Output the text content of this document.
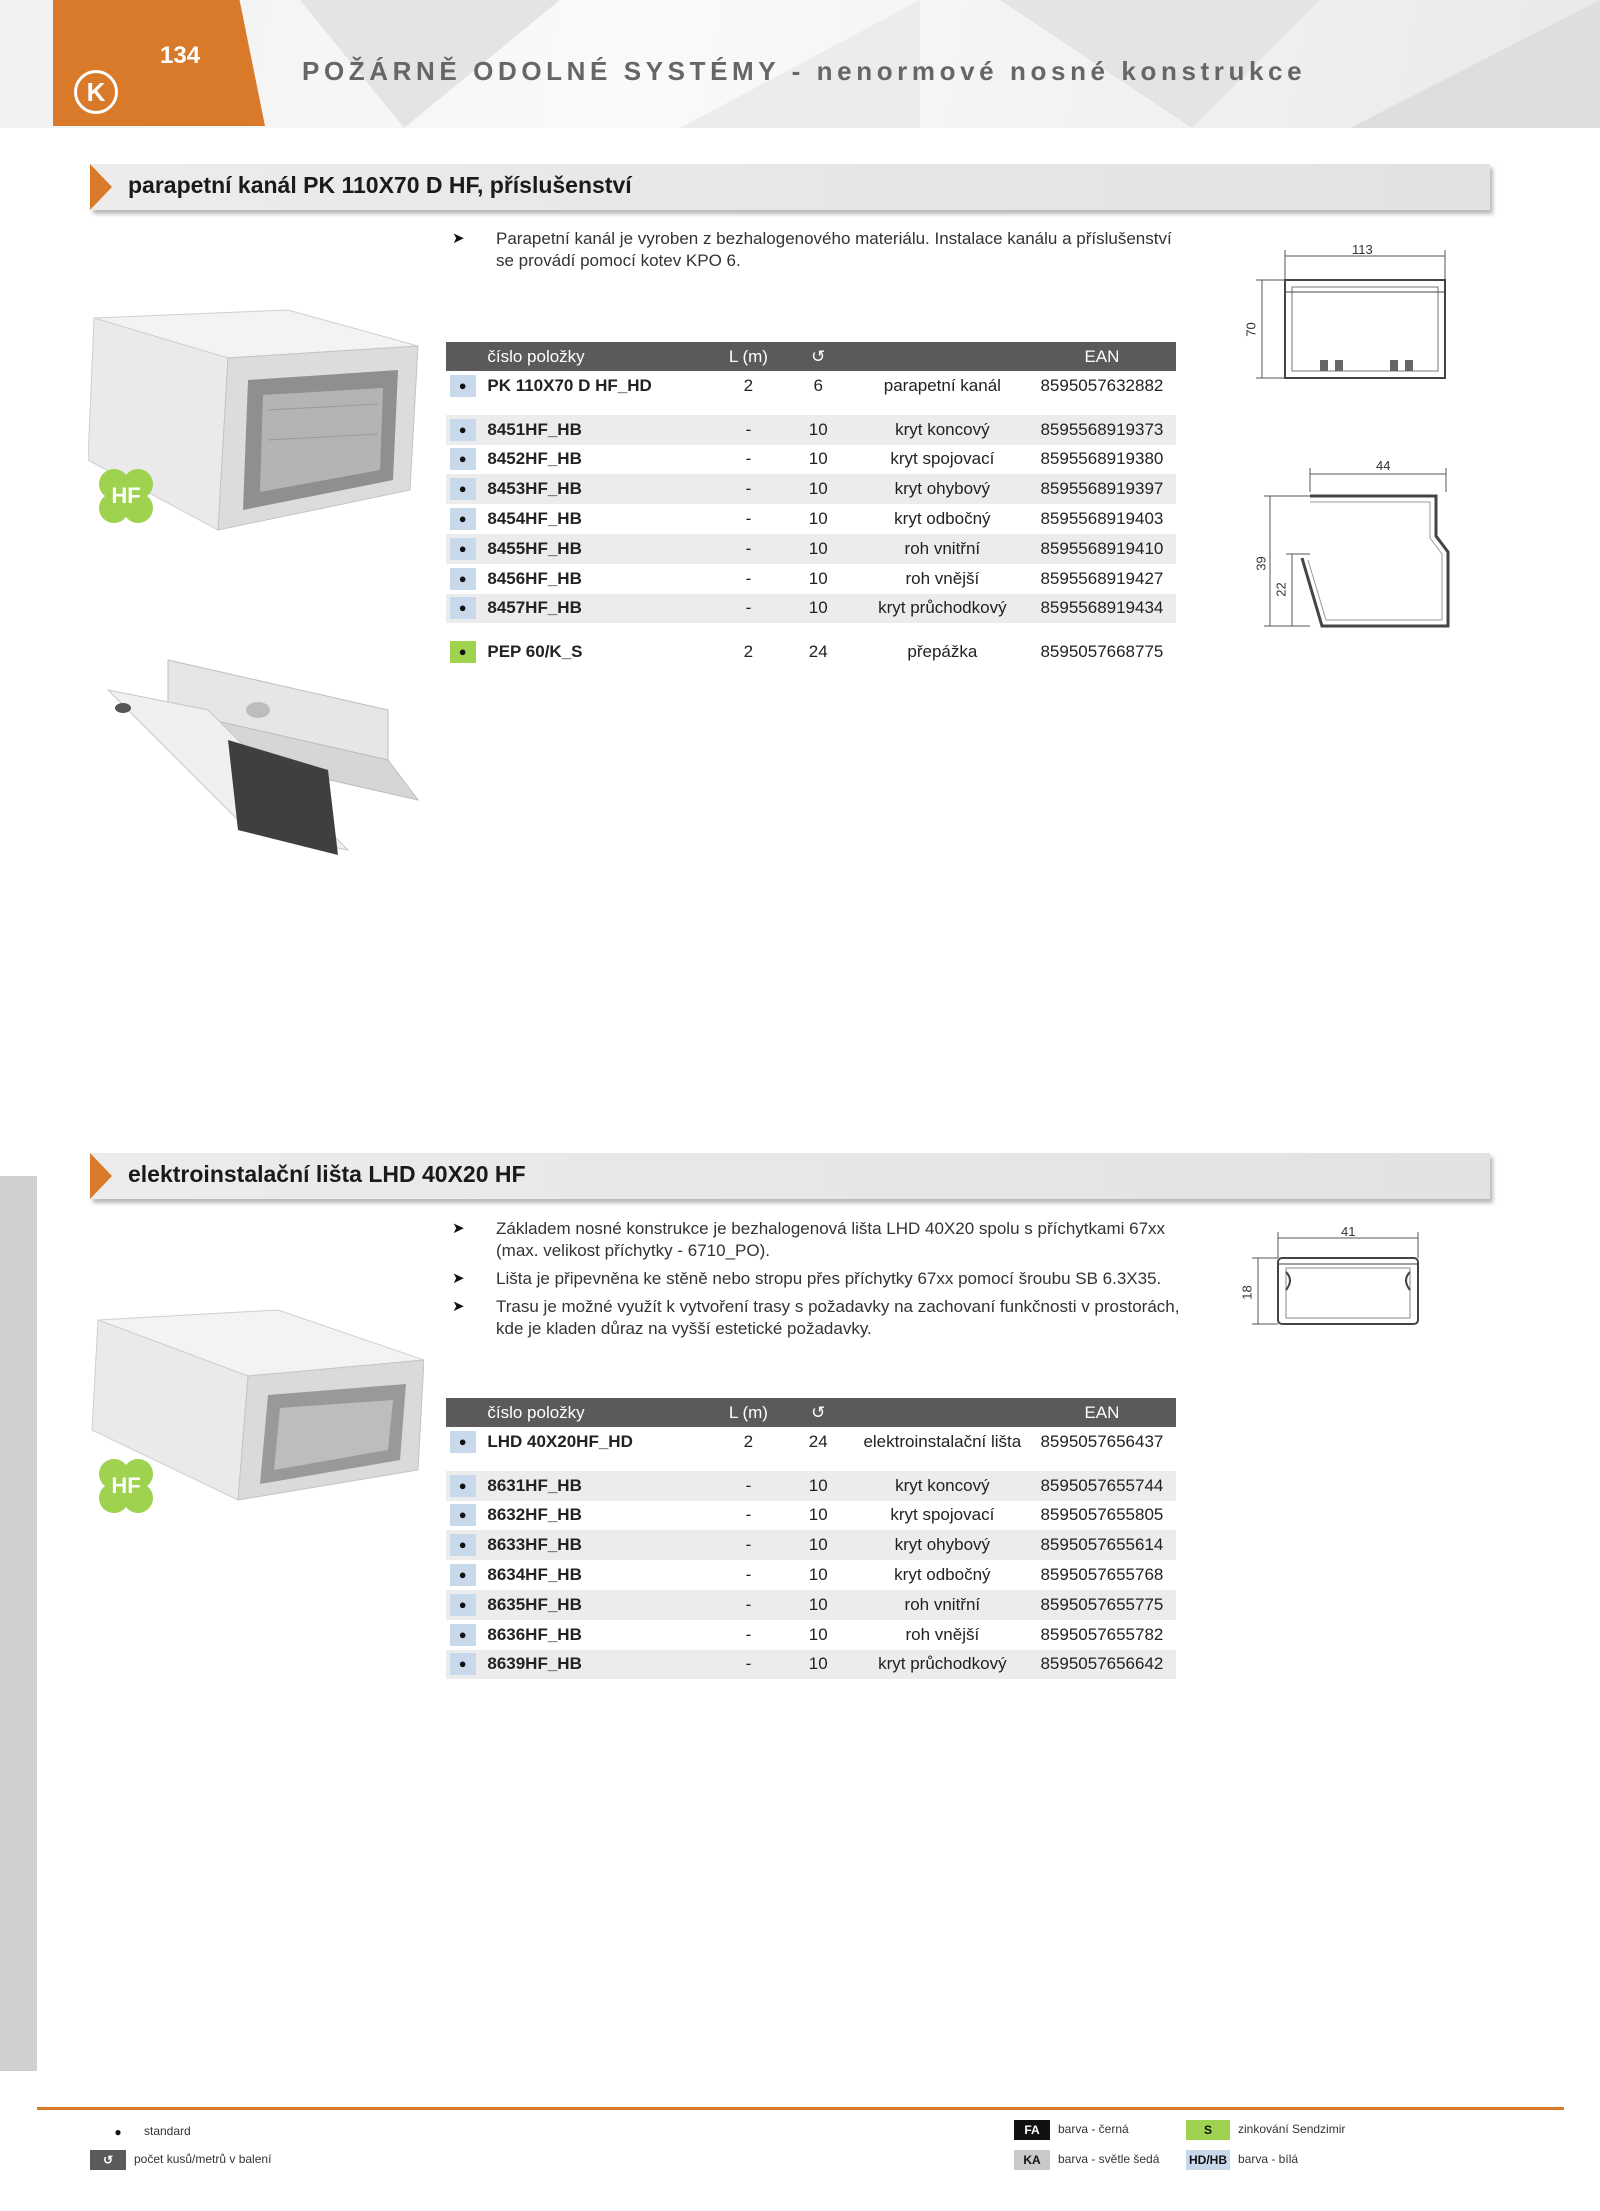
134
K
POŽÁRNĚ ODOLNÉ SYSTÉMY - nenormové nosné konstrukce
parapetní kanál PK 110X70 D HF, příslušenství
➤ Parapetní kanál je vyroben z bezhalogenového materiálu. Instalace kanálu a příslušenství se provádí pomocí kotev KPO 6.
HF
113
70
44
39
22
	číslo položky	L (m)	↺		EAN
●	PK 110X70 D HF_HD	2	6	parapetní kanál	8595057632882

●	8451HF_HB	-	10	kryt koncový	8595568919373
●	8452HF_HB	-	10	kryt spojovací	8595568919380
●	8453HF_HB	-	10	kryt ohybový	8595568919397
●	8454HF_HB	-	10	kryt odbočný	8595568919403
●	8455HF_HB	-	10	roh vnitřní	8595568919410
●	8456HF_HB	-	10	roh vnější	8595568919427
●	8457HF_HB	-	10	kryt průchodkový	8595568919434

●	PEP 60/K_S	2	24	přepážka	8595057668775
elektroinstalační lišta LHD 40X20 HF
➤ Základem nosné konstrukce je bezhalogenová lišta LHD 40X20 spolu s příchytkami 67xx (max. velikost příchytky - 6710_PO).
➤ Lišta je připevněna ke stěně nebo stropu přes příchytky 67xx pomocí šroubu SB 6.3X35.
➤ Trasu je možné využít k vytvoření trasy s požadavky na zachovaní funkčnosti v prostorách, kde je kladen důraz na vyšší estetické požadavky.
HF
41
18
	číslo položky	L (m)	↺		EAN
●	LHD 40X20HF_HD	2	24	elektroinstalační lišta	8595057656437

●	8631HF_HB	-	10	kryt koncový	8595057655744
●	8632HF_HB	-	10	kryt spojovací	8595057655805
●	8633HF_HB	-	10	kryt ohybový	8595057655614
●	8634HF_HB	-	10	kryt odbočný	8595057655768
●	8635HF_HB	-	10	roh vnitřní	8595057655775
●	8636HF_HB	-	10	roh vnější	8595057655782
●	8639HF_HB	-	10	kryt průchodkový	8595057656642
● standard
↺ počet kusů/metrů v balení
FA barva - černá
KA barva - světle šedá
S zinkování Sendzimir
HD/HB barva - bílá
